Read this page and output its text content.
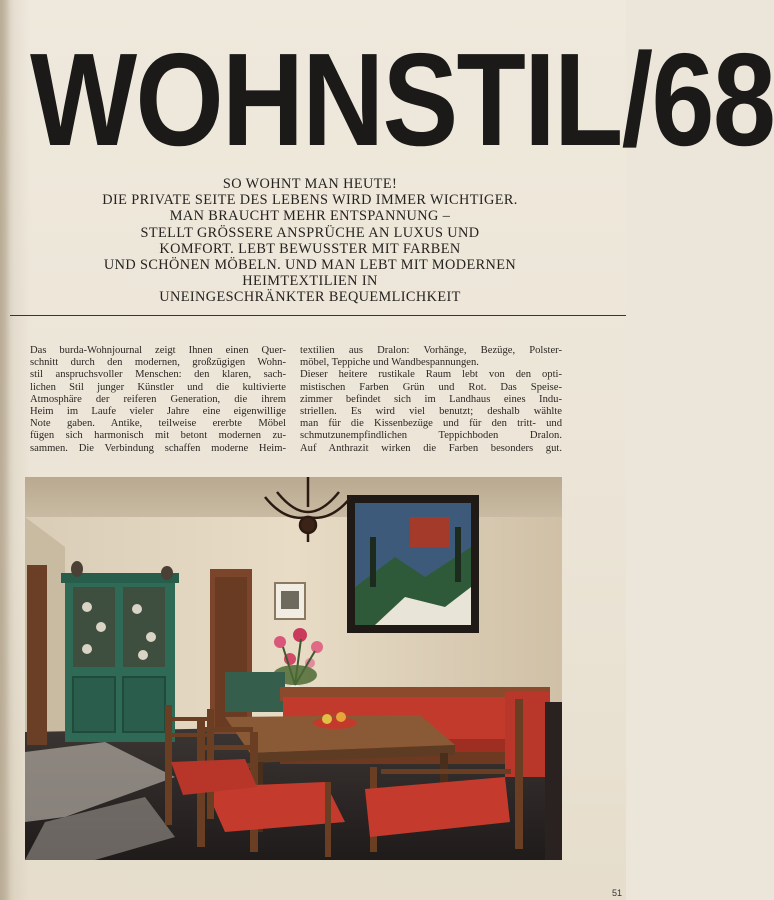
WOHNSTIL/68
SO WOHNT MAN HEUTE!
DIE PRIVATE SEITE DES LEBENS WIRD IMMER WICHTIGER.
MAN BRAUCHT MEHR ENTSPANNUNG –
STELLT GRÖSSERE ANSPRÜCHE AN LUXUS UND
KOMFORT. LEBT BEWUSSTER MIT FARBEN
UND SCHÖNEN MÖBELN. UND MAN LEBT MIT MODERNEN
HEIMTEXTILIEN IN
UNEINGESCHRÄNKTER BEQUEMLICHKEIT
Das burda-Wohnjournal zeigt Ihnen einen Quer-
schnitt durch den modernen, großzügigen Wohn-
stil anspruchsvoller Menschen: den klaren, sach-
lichen Stil junger Künstler und die kultivierte
Atmosphäre der reiferen Generation, die ihrem
Heim im Laufe vieler Jahre eine eigenwillige
Note gaben. Antike, teilweise ererbte Möbel
fügen sich harmonisch mit betont modernen zu-
sammen. Die Verbindung schaffen moderne Heim-
textilien aus Dralon: Vorhänge, Bezüge, Polster-
möbel, Teppiche und Wandbespannungen.
Dieser heitere rustikale Raum lebt von den opti-
mistischen Farben Grün und Rot. Das Speise-
zimmer befindet sich im Landhaus eines Indu-
striellen. Es wird viel benutzt; deshalb wählte
man für die Kissenbezüge und für den tritt- und
schmutzunempfindlichen Teppichboden Dralon.
Auf Anthrazit wirken die Farben besonders gut.
51
